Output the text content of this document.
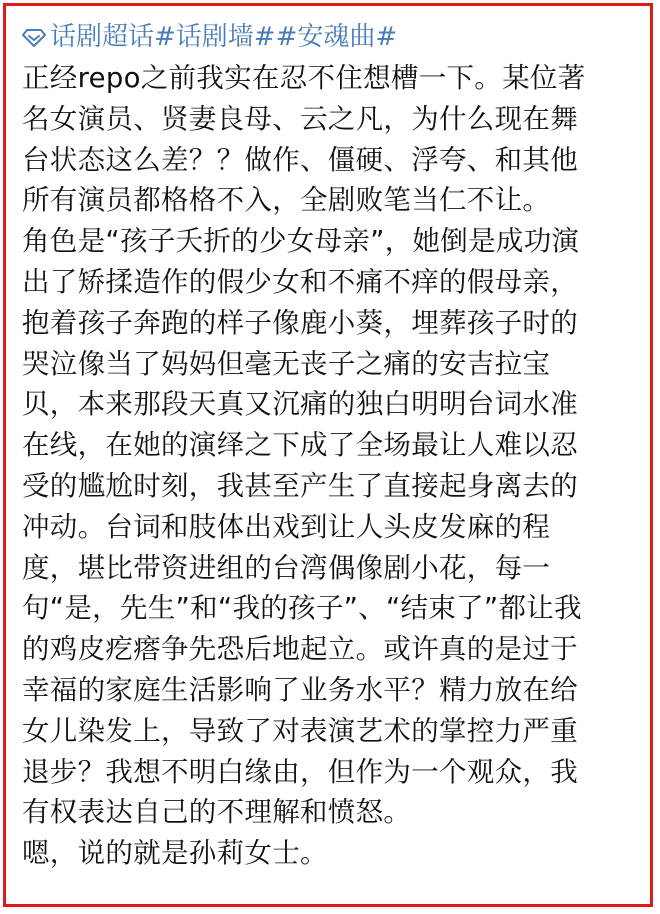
话剧超话#话剧墙##安魂曲#
正经repo之前我实在忍不住想槽一下。某位著
名女演员、贤妻良母、云之凡，为什么现在舞
台状态这么差？？做作、僵硬、浮夸、和其他
所有演员都格格不入，全剧败笔当仁不让。
角色是“孩子夭折的少女母亲”，她倒是成功演
出了矫揉造作的假少女和不痛不痒的假母亲，
抱着孩子奔跑的样子像鹿小葵，埋葬孩子时的
哭泣像当了妈妈但毫无丧子之痛的安吉拉宝
贝，本来那段天真又沉痛的独白明明台词水准
在线，在她的演绎之下成了全场最让人难以忍
受的尴尬时刻，我甚至产生了直接起身离去的
冲动。台词和肢体出戏到让人头皮发麻的程
度，堪比带资进组的台湾偶像剧小花，每一
句“是，先生”和“我的孩子”、“结束了”都让我
的鸡皮疙瘩争先恐后地起立。或许真的是过于
幸福的家庭生活影响了业务水平？精力放在给
女儿染发上，导致了对表演艺术的掌控力严重
退步？我想不明白缘由，但作为一个观众，我
有权表达自己的不理解和愤怒。
嗯，说的就是孙莉女士。
